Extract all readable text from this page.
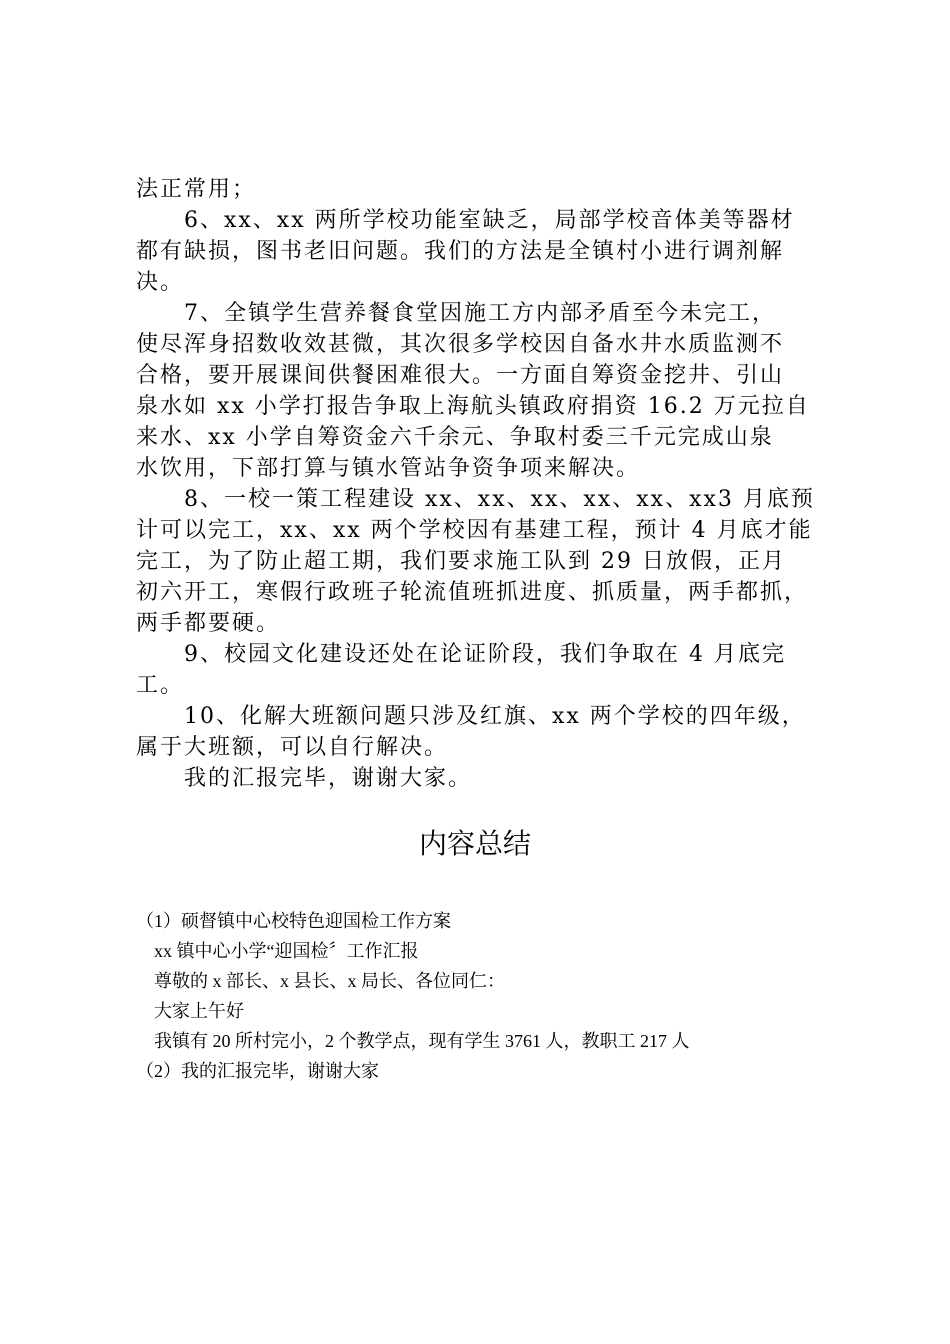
法正常用；

6、xx、xx 两所学校功能室缺乏，局部学校音体美等器材

都有缺损，图书老旧问题。我们的方法是全镇村小进行调剂解

决。

7、全镇学生营养餐食堂因施工方内部矛盾至今未完工，

使尽浑身招数收效甚微，其次很多学校因自备水井水质监测不

合格，要开展课间供餐困难很大。一方面自筹资金挖井、引山

泉水如 xx 小学打报告争取上海航头镇政府捐资 16.2 万元拉自

来水、xx 小学自筹资金六千余元、争取村委三千元完成山泉

水饮用，下部打算与镇水管站争资争项来解决。

8、一校一策工程建设 xx、xx、xx、xx、xx、xx3 月底预

计可以完工，xx、xx 两个学校因有基建工程，预计 4 月底才能

完工，为了防止超工期，我们要求施工队到 29 日放假，正月

初六开工，寒假行政班子轮流值班抓进度、抓质量，两手都抓，

两手都要硬。

9、校园文化建设还处在论证阶段，我们争取在 4 月底完

工。

10、化解大班额问题只涉及红旗、xx 两个学校的四年级，

属于大班额，可以自行解决。

我的汇报完毕，谢谢大家。

内容总结
（1）硕督镇中心校特色迎国检工作方案
xx 镇中心小学“迎国检〞工作汇报
尊敬的 x 部长、x 县长、x 局长、各位同仁：
大家上午好
我镇有 20 所村完小，2 个教学点，现有学生 3761 人，教职工 217 人
（2）我的汇报完毕，谢谢大家
